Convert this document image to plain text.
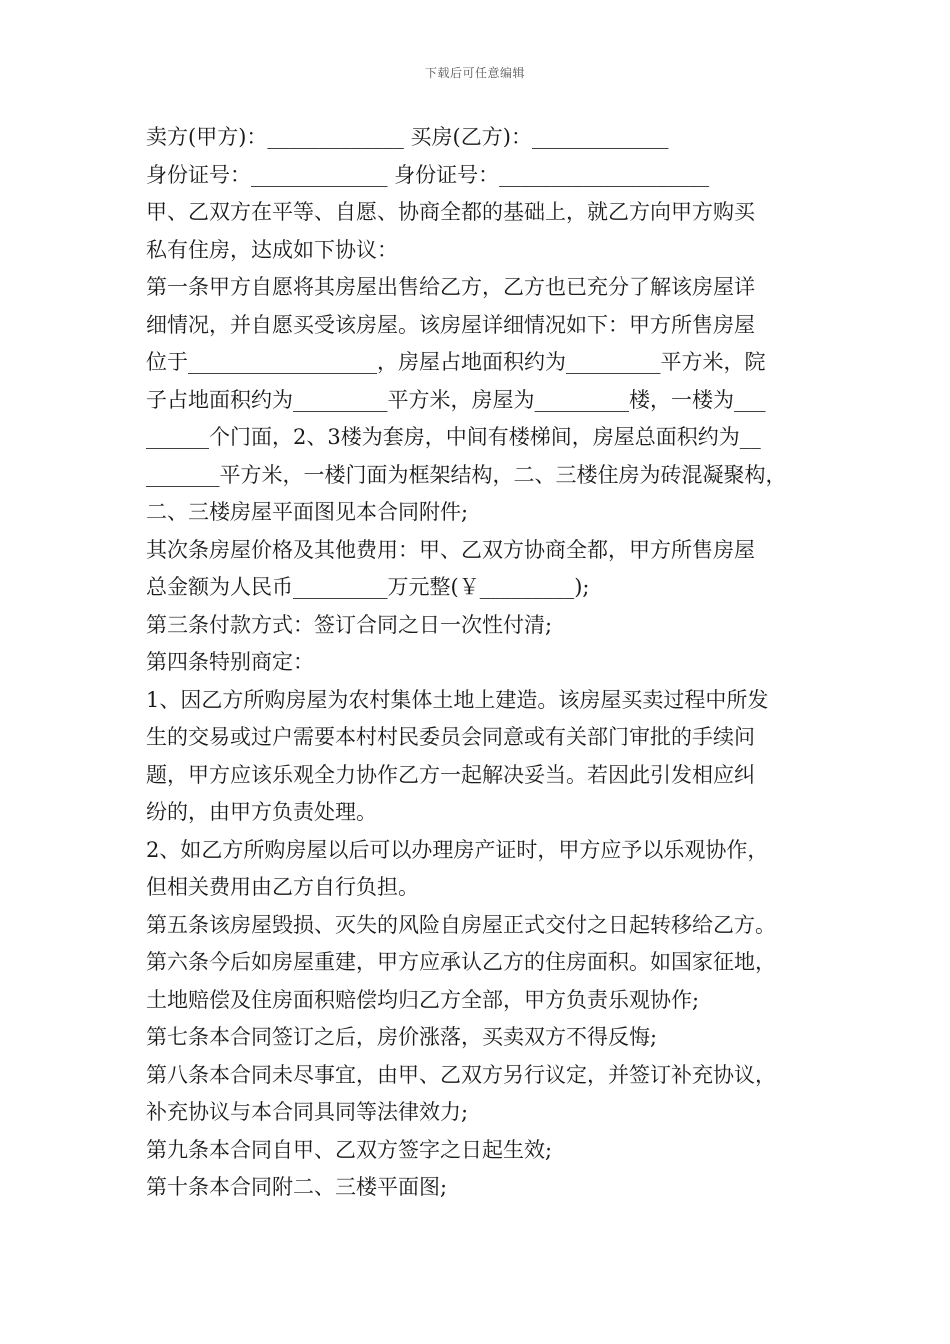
下载后可任意编辑
卖方(甲方)：_____________ 买房(乙方)：_____________
身份证号：_____________ 身份证号：____________________
甲、乙双方在平等、自愿、协商全都的基础上，就乙方向甲方购买
私有住房，达成如下协议：
第一条甲方自愿将其房屋出售给乙方，乙方也已充分了解该房屋详
细情况，并自愿买受该房屋。该房屋详细情况如下：甲方所售房屋
位于__________________，房屋占地面积约为_________平方米，院
子占地面积约为_________平方米，房屋为_________楼，一楼为___
______个门面，2、3楼为套房，中间有楼梯间，房屋总面积约为__
_______平方米，一楼门面为框架结构，二、三楼住房为砖混凝聚构，
二、三楼房屋平面图见本合同附件;
其次条房屋价格及其他费用：甲、乙双方协商全都，甲方所售房屋
总金额为人民币_________万元整(￥_________);
第三条付款方式：签订合同之日一次性付清;
第四条特别商定：
1、因乙方所购房屋为农村集体土地上建造。该房屋买卖过程中所发
生的交易或过户需要本村村民委员会同意或有关部门审批的手续问
题，甲方应该乐观全力协作乙方一起解决妥当。若因此引发相应纠
纷的，由甲方负责处理。
2、如乙方所购房屋以后可以办理房产证时，甲方应予以乐观协作，
但相关费用由乙方自行负担。
第五条该房屋毁损、灭失的风险自房屋正式交付之日起转移给乙方。
第六条今后如房屋重建，甲方应承认乙方的住房面积。如国家征地，
土地赔偿及住房面积赔偿均归乙方全部，甲方负责乐观协作;
第七条本合同签订之后，房价涨落，买卖双方不得反悔;
第八条本合同未尽事宜，由甲、乙双方另行议定，并签订补充协议，
补充协议与本合同具同等法律效力;
第九条本合同自甲、乙双方签字之日起生效;
第十条本合同附二、三楼平面图;
